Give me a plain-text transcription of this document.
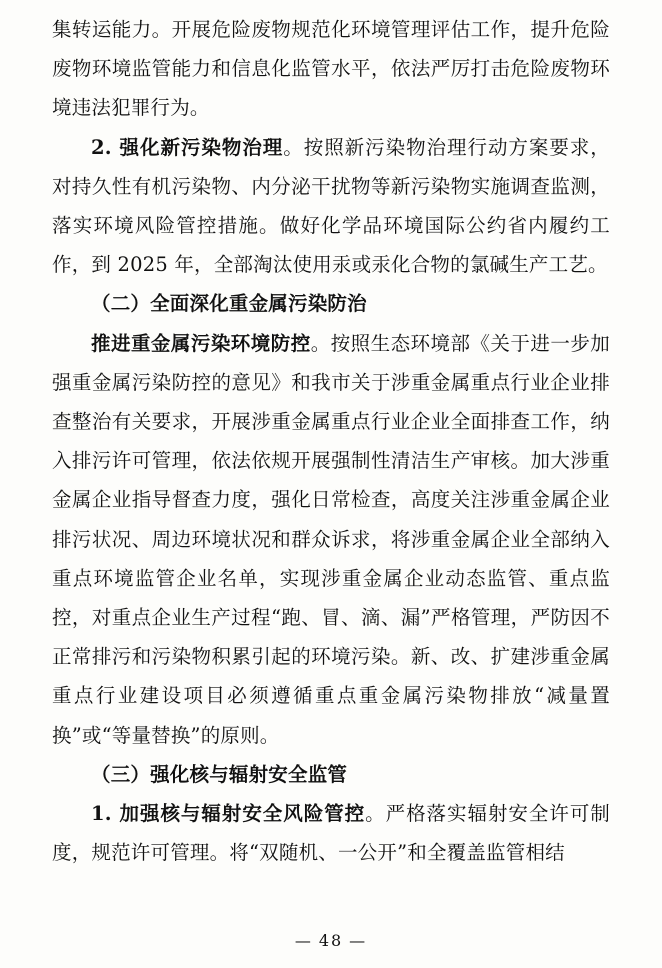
集转运能力。开展危险废物规范化环境管理评估工作，提升危险废物环境监管能力和信息化监管水平，依法严厉打击危险废物环境违法犯罪行为。

2. 强化新污染物治理。按照新污染物治理行动方案要求，对持久性有机污染物、内分泌干扰物等新污染物实施调查监测，落实环境风险管控措施。做好化学品环境国际公约省内履约工作，到 2025 年，全部淘汰使用汞或汞化合物的氯碱生产工艺。

（二）全面深化重金属污染防治

推进重金属污染环境防控。按照生态环境部《关于进一步加强重金属污染防控的意见》和我市关于涉重金属重点行业企业排查整治有关要求，开展涉重金属重点行业企业全面排查工作，纳入排污许可管理，依法依规开展强制性清洁生产审核。加大涉重金属企业指导督查力度，强化日常检查，高度关注涉重金属企业排污状况、周边环境状况和群众诉求，将涉重金属企业全部纳入重点环境监管企业名单，实现涉重金属企业动态监管、重点监控，对重点企业生产过程“跑、冒、滴、漏”严格管理，严防因不正常排污和污染物积累引起的环境污染。新、改、扩建涉重金属重点行业建设项目必须遵循重点重金属污染物排放“减量置换”或“等量替换”的原则。

（三）强化核与辐射安全监管

1. 加强核与辐射安全风险管控。严格落实辐射安全许可制度，规范许可管理。将“双随机、一公开”和全覆盖监管相结

— 48 —
